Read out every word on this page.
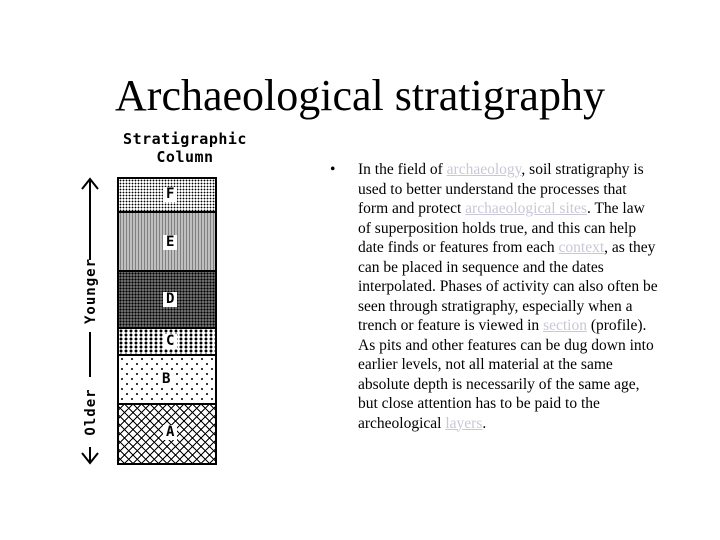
Archaeological stratigraphy
Stratigraphic
Column
Younger
Older
F
E
D
C
B
A
• In the field of archaeology, soil stratigraphy is used to better understand the processes that form and protect archaeological sites. The law of superposition holds true, and this can help date finds or features from each context, as they can be placed in sequence and the dates interpolated. Phases of activity can also often be seen through stratigraphy, especially when a trench or feature is viewed in section (profile). As pits and other features can be dug down into earlier levels, not all material at the same absolute depth is necessarily of the same age, but close attention has to be paid to the archeological layers.
